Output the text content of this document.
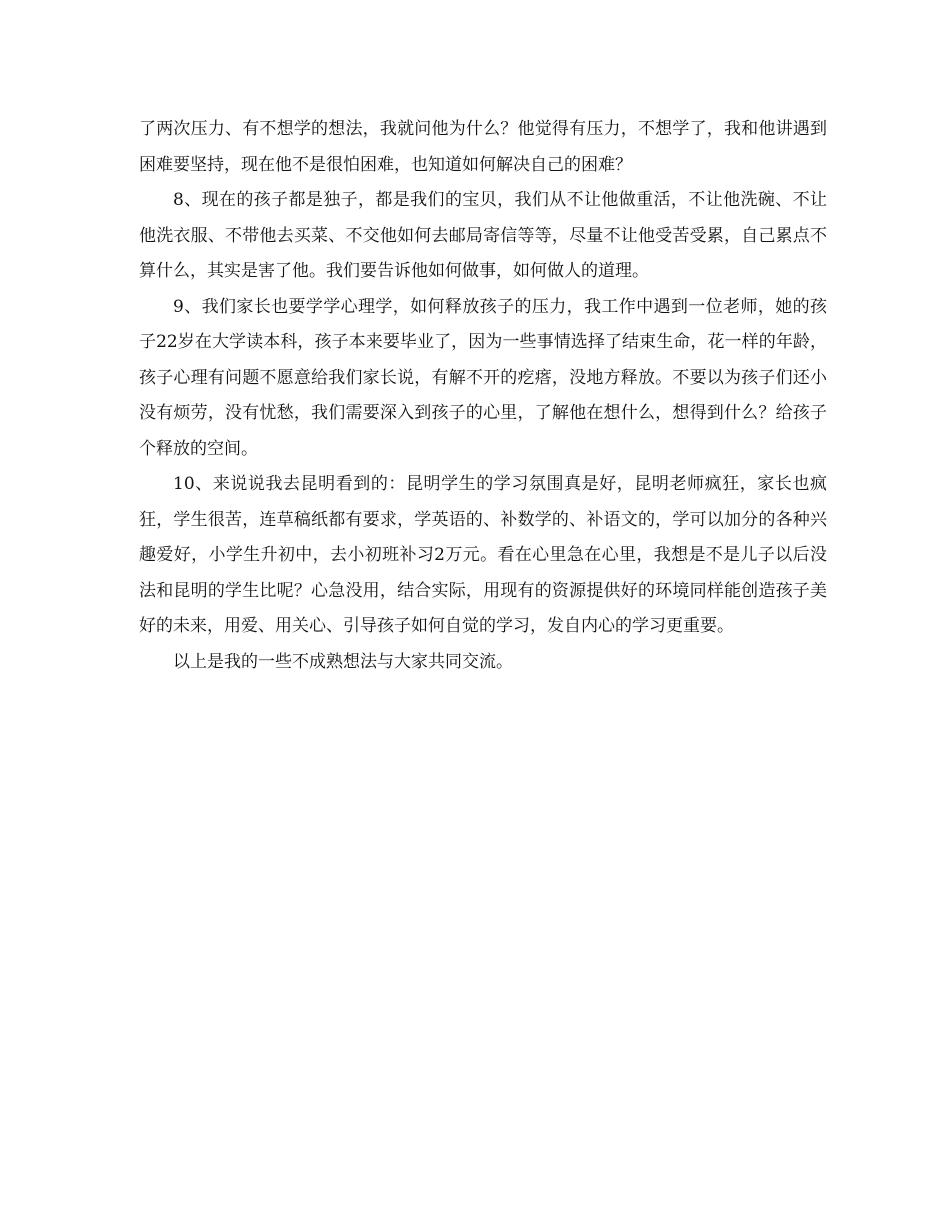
了两次压力、有不想学的想法，我就问他为什么？他觉得有压力，不想学了，我和他讲遇到困难要坚持，现在他不是很怕困难，也知道如何解决自己的困难？

8、现在的孩子都是独子，都是我们的宝贝，我们从不让他做重活，不让他洗碗、不让他洗衣服、不带他去买菜、不交他如何去邮局寄信等等，尽量不让他受苦受累，自己累点不算什么，其实是害了他。我们要告诉他如何做事，如何做人的道理。

9、我们家长也要学学心理学，如何释放孩子的压力，我工作中遇到一位老师，她的孩子22岁在大学读本科，孩子本来要毕业了，因为一些事情选择了结束生命，花一样的年龄，孩子心理有问题不愿意给我们家长说，有解不开的疙瘩，没地方释放。不要以为孩子们还小没有烦劳，没有忧愁，我们需要深入到孩子的心里，了解他在想什么，想得到什么？给孩子个释放的空间。

10、来说说我去昆明看到的：昆明学生的学习氛围真是好，昆明老师疯狂，家长也疯狂，学生很苦，连草稿纸都有要求，学英语的、补数学的、补语文的，学可以加分的各种兴趣爱好，小学生升初中，去小初班补习2万元。看在心里急在心里，我想是不是儿子以后没法和昆明的学生比呢？心急没用，结合实际，用现有的资源提供好的环境同样能创造孩子美好的未来，用爱、用关心、引导孩子如何自觉的学习，发自内心的学习更重要。

以上是我的一些不成熟想法与大家共同交流。
